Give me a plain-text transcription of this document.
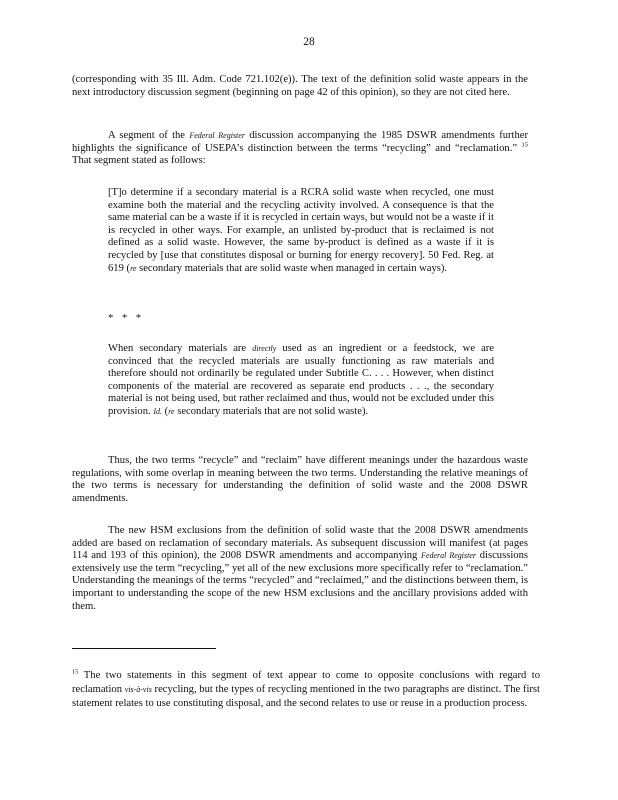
28

(corresponding with 35 Ill. Adm. Code 721.102(e)). The text of the definition solid waste appears in the next introductory discussion segment (beginning on page 42 of this opinion), so they are not cited here.

A segment of the Federal Register discussion accompanying the 1985 DSWR amendments further highlights the significance of USEPA’s distinction between the terms “recycling” and “reclamation.” $^{15}$ That segment stated as follows:

[T]o determine if a secondary material is a RCRA solid waste when recycled, one must examine both the material and the recycling activity involved. A consequence is that the same material can be a waste if it is recycled in certain ways, but would not be a waste if it is recycled in other ways. For example, an unlisted by-product that is reclaimed is not defined as a solid waste. However, the same by-product is defined as a waste if it is recycled by [use that constitutes disposal or burning for energy recovery]. 50 Fed. Reg. at 619 (re secondary materials that are solid waste when managed in certain ways).

* * *

When secondary materials are directly used as an ingredient or a feedstock, we are convinced that the recycled materials are usually functioning as raw materials and therefore should not ordinarily be regulated under Subtitle C. . . . However, when distinct components of the material are recovered as separate end products . . ., the secondary material is not being used, but rather reclaimed and thus, would not be excluded under this provision. Id. (re secondary materials that are not solid waste).

Thus, the two terms “recycle” and “reclaim” have different meanings under the hazardous waste regulations, with some overlap in meaning between the two terms. Understanding the relative meanings of the two terms is necessary for understanding the definition of solid waste and the 2008 DSWR amendments.

The new HSM exclusions from the definition of solid waste that the 2008 DSWR amendments added are based on reclamation of secondary materials. As subsequent discussion will manifest (at pages 114 and 193 of this opinion), the 2008 DSWR amendments and accompanying Federal Register discussions extensively use the term “recycling,” yet all of the new exclusions more specifically refer to “reclamation.” Understanding the meanings of the terms “recycled” and “reclaimed,” and the distinctions between them, is important to understanding the scope of the new HSM exclusions and the ancillary provisions added with them.

$^{15}$ The two statements in this segment of text appear to come to opposite conclusions with regard to reclamation vis-à-vis recycling, but the types of recycling mentioned in the two paragraphs are distinct. The first statement relates to use constituting disposal, and the second relates to use or reuse in a production process.
